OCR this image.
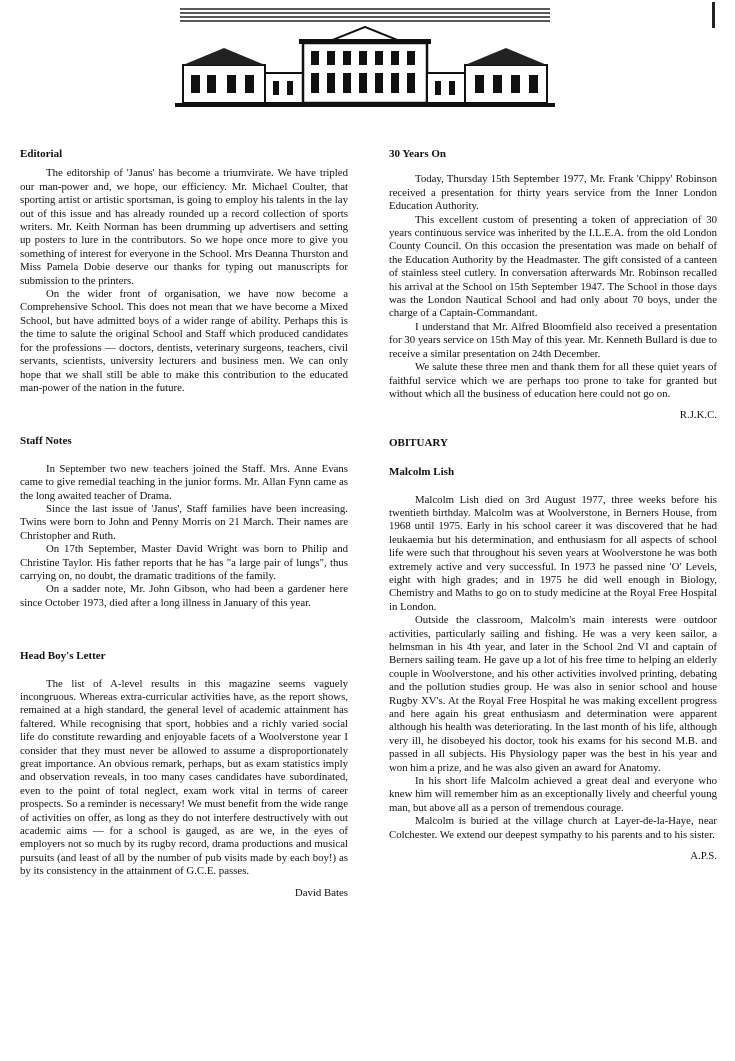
Editorial

The editorship of 'Janus' has become a triumvirate. We have tripled our man-power and, we hope, our efficiency. Mr. Michael Coulter, that sporting artist or artistic sportsman, is going to employ his talents in the lay out of this issue and has already rounded up a record collection of sports writers. Mr. Keith Norman has been drumming up advertisers and setting up posters to lure in the contributors. So we hope once more to give you something of interest for everyone in the School. Mrs Deanna Thurston and Miss Pamela Dobie deserve our thanks for typing out manuscripts for submission to the printers.

On the wider front of organisation, we have now become a Comprehensive School. This does not mean that we have become a Mixed School, but have admitted boys of a wider range of ability. Perhaps this is the time to salute the original School and Staff which produced candidates for the professions — doctors, dentists, veterinary surgeons, teachers, civil servants, scientists, university lecturers and business men. We can only hope that we shall still be able to make this contribution to the educated man-power of the nation in the future.

Staff Notes

In September two new teachers joined the Staff. Mrs. Anne Evans came to give remedial teaching in the junior forms. Mr. Allan Fynn came as the long awaited teacher of Drama.

Since the last issue of 'Janus', Staff families have been increasing. Twins were born to John and Penny Morris on 21 March. Their names are Christopher and Ruth.

On 17th September, Master David Wright was born to Philip and Christine Taylor. His father reports that he has "a large pair of lungs", thus carrying on, no doubt, the dramatic traditions of the family.

On a sadder note, Mr. John Gibson, who had been a gardener here since October 1973, died after a long illness in January of this year.

Head Boy's Letter

The list of A-level results in this magazine seems vaguely incongruous. Whereas extra-curricular activities have, as the report shows, remained at a high standard, the general level of academic attainment has faltered. While recognising that sport, hobbies and a richly varied social life do constitute rewarding and enjoyable facets of a Woolverstone year I consider that they must never be allowed to assume a disproportionately great importance. An obvious remark, perhaps, but as exam statistics imply and observation reveals, in too many cases candidates have subordinated, even to the point of total neglect, exam work vital in terms of career prospects. So a reminder is necessary! We must benefit from the wide range of activities on offer, as long as they do not interfere destructively with out academic aims — for a school is gauged, as are we, in the eyes of employers not so much by its rugby record, drama productions and musical pursuits (and least of all by the number of pub visits made by each boy!) as by its consistency in the attainment of G.C.E. passes.

David Bates
30 Years On

Today, Thursday 15th September 1977, Mr. Frank 'Chippy' Robinson received a presentation for thirty years service from the Inner London Education Authority.

This excellent custom of presenting a token of appreciation of 30 years continuous service was inherited by the I.L.E.A. from the old London County Council. On this occasion the presentation was made on behalf of the Education Authority by the Headmaster. The gift consisted of a canteen of stainless steel cutlery. In conversation afterwards Mr. Robinson recalled his arrival at the School on 15th September 1947. The School in those days was the London Nautical School and had only about 70 boys, under the charge of a Captain-Commandant.

I understand that Mr. Alfred Bloomfield also received a presentation for 30 years service on 15th May of this year. Mr. Kenneth Bullard is due to receive a similar presentation on 24th December.

We salute these three men and thank them for all these quiet years of faithful service which we are perhaps too prone to take for granted but without which all the business of education here could not go on.

R.J.K.C.
OBITUARY
Malcolm Lish

Malcolm Lish died on 3rd August 1977, three weeks before his twentieth birthday. Malcolm was at Woolverstone, in Berners House, from 1968 until 1975. Early in his school career it was discovered that he had leukaemia but his determination, and enthusiasm for all aspects of school life were such that throughout his seven years at Woolverstone he was both extremely active and very successful. In 1973 he passed nine 'O' Levels, eight with high grades; and in 1975 he did well enough in Biology, Chemistry and Maths to go on to study medicine at the Royal Free Hospital in London.

Outside the classroom, Malcolm's main interests were outdoor activities, particularly sailing and fishing. He was a very keen sailor, a helmsman in his 4th year, and later in the School 2nd VI and captain of Berners sailing team. He gave up a lot of his free time to helping an elderly couple in Woolverstone, and his other activities involved printing, debating and the pollution studies group. He was also in senior school and house Rugby XV's. At the Royal Free Hospital he was making excellent progress and here again his great enthusiasm and determination were apparent although his health was deteriorating. In the last month of his life, although very ill, he disobeyed his doctor, took his exams for his second M.B. and passed in all subjects. His Physiology paper was the best in his year and won him a prize, and he was also given an award for Anatomy.

In his short life Malcolm achieved a great deal and everyone who knew him will remember him as an exceptionally lively and cheerful young man, but above all as a person of tremendous courage.

Malcolm is buried at the village church at Layer-de-la-Haye, near Colchester. We extend our deepest sympathy to his parents and to his sister.

A.P.S.
